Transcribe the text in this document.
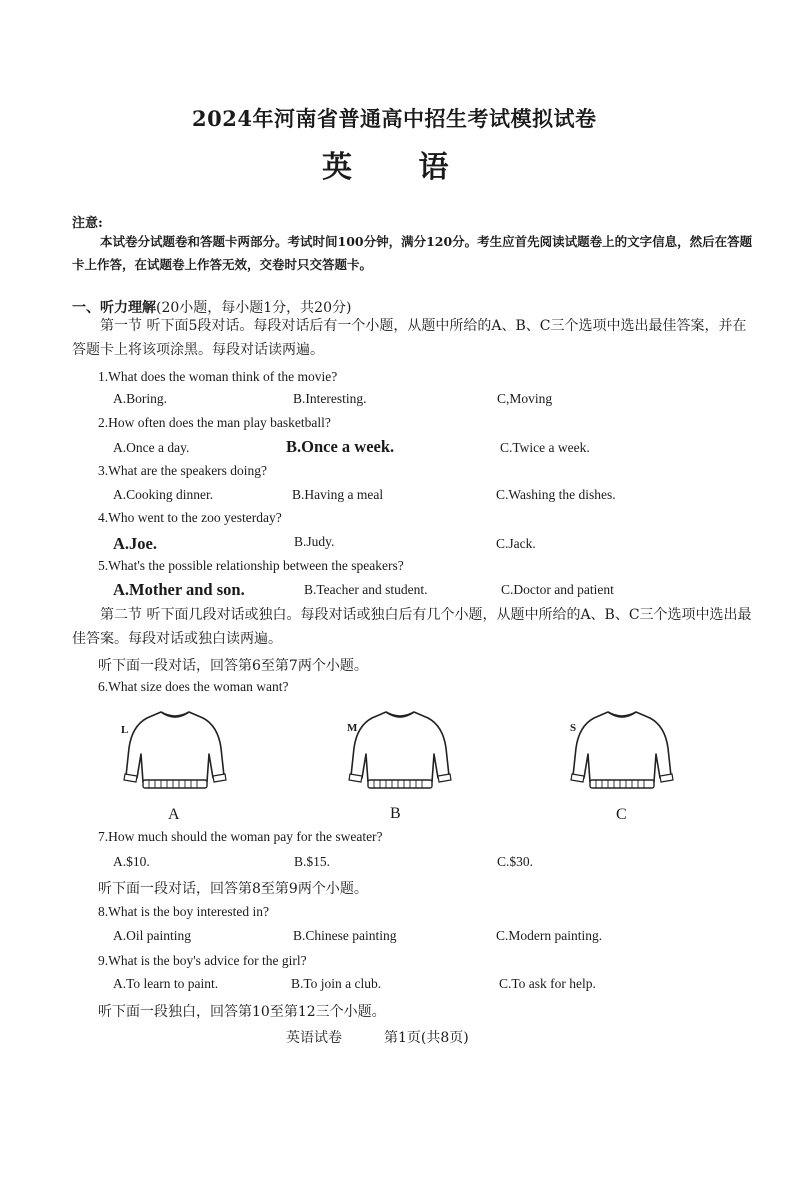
2024年河南省普通高中招生考试模拟试卷
英 语
注意:
本试卷分试题卷和答题卡两部分。考试时间100分钟，满分120分。考生应首先阅读试题卷上的文字信息，然后在答题卡上作答，在试题卷上作答无效，交卷时只交答题卡。
一、听力理解(20小题，每小题1分，共20分)
第一节 听下面5段对话。每段对话后有一个小题，从题中所给的A、B、C三个选项中选出最佳答案，并在答题卡上将该项涂黑。每段对话读两遍。
1.What does the woman think of the movie?
A.Boring.	B.Interesting.	C,Moving
2.How often does the man play basketball?
A.Once a day.	B.Once a week.	C.Twice a week.
3.What are the speakers doing?
A.Cooking dinner.	B.Having a meal	C.Washing the dishes.
4.Who went to the zoo yesterday?
A.Joe.	B.Judy.	C.Jack.
5.What's the possible relationship between the speakers?
A.Mother and son.	B.Teacher and student.	C.Doctor and patient
第二节 听下面几段对话或独白。每段对话或独白后有几个小题，从题中所给的A、B、C三个选项中选出最佳答案。每段对话或独白读两遍。
听下面一段对话，回答第6至第7两个小题。
6.What size does the woman want?
L
A
M
B
S
C
7.How much should the woman pay for the sweater?
A.$10.	B.$15.	C.$30.
听下面一段对话，回答第8至第9两个小题。
8.What is the boy interested in?
A.Oil painting	B.Chinese painting	C.Modern painting.
9.What is the boy's advice for the girl?
A.To learn to paint.	B.To join a club.	C.To ask for help.
听下面一段独白，回答第10至第12三个小题。
英语试卷	第1页(共8页)
